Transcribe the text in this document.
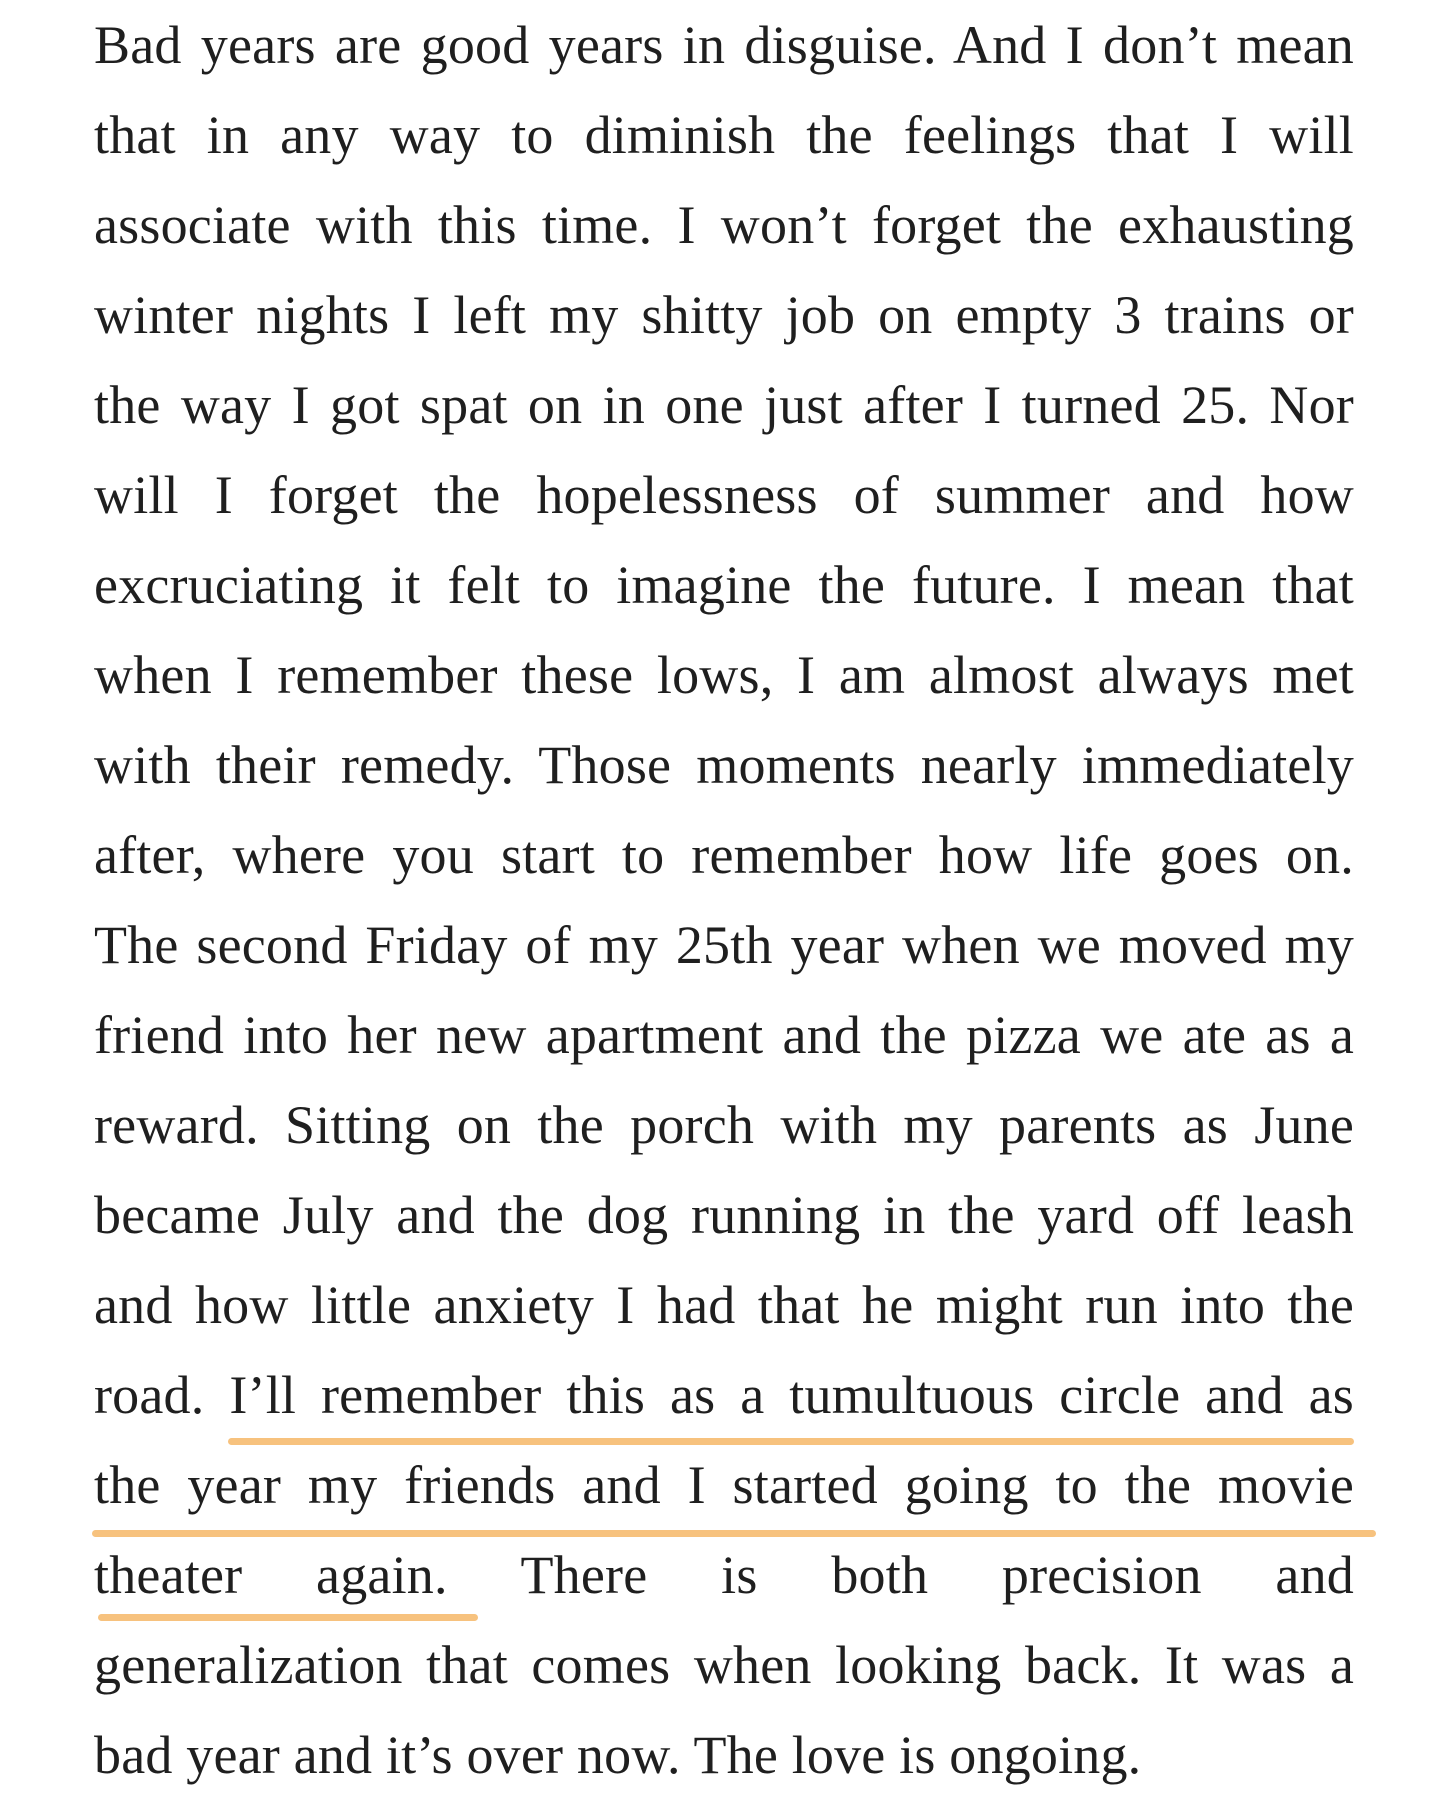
Bad years are good years in disguise. And I don’t mean
that in any way to diminish the feelings that I will
associate with this time. I won’t forget the exhausting
winter nights I left my shitty job on empty 3 trains or
the way I got spat on in one just after I turned 25. Nor
will I forget the hopelessness of summer and how
excruciating it felt to imagine the future. I mean that
when I remember these lows, I am almost always met
with their remedy. Those moments nearly immediately
after, where you start to remember how life goes on.
The second Friday of my 25th year when we moved my
friend into her new apartment and the pizza we ate as a
reward. Sitting on the porch with my parents as June
became July and the dog running in the yard off leash
and how little anxiety I had that he might run into the
road. I’ll remember this as a tumultuous circle and as
the year my friends and I started going to the movie
theater again. There is both precision and
generalization that comes when looking back. It was a
bad year and it’s over now. The love is ongoing.
